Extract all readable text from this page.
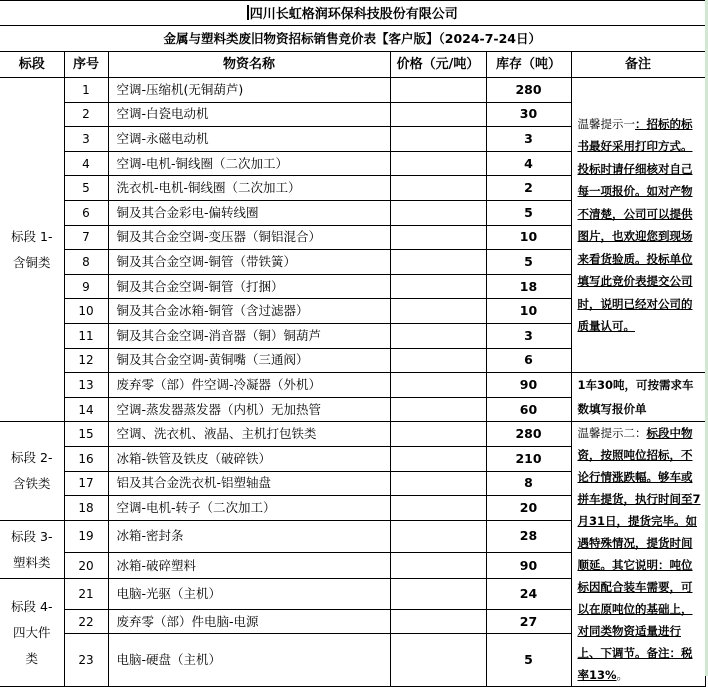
四川长虹格润环保科技股份有限公司					
金属与塑料类废旧物资招标销售竞价表【客户版】（2024-7-24日）					
标段	序号	物资名称	价格（元/吨）	库存（吨）	备注

标段 1-
含铜类	1	空调-压缩机(无铜葫芦)		280	温馨提示一：招标的标书最好采用打印方式。投标时请仔细核对自己每一项报价。如对产物不清楚，公司可以提供图片，也欢迎您到现场来看货验质。投标单位填写此竞价表提交公司时，说明已经对公司的质量认可。
	2	空调-白瓷电动机		30	
	3	空调-永磁电动机		3	
	4	空调-电机-铜线圈（二次加工）		4	
	5	洗衣机-电机-铜线圈（二次加工）		2	
	6	铜及其合金彩电-偏转线圈		5	
	7	铜及其合金空调-变压器（铜铝混合）		10	
	8	铜及其合金空调-铜管（带铁簧）		5	
	9	铜及其合金空调-铜管（打捆）		18	
	10	铜及其合金冰箱-铜管（含过滤器）		10	
	11	铜及其合金空调-消音器（铜）铜葫芦		3	
	12	铜及其合金空调-黄铜嘴（三通阀）		6	
	13	废弃零（部）件空调-冷凝器（外机）		90	1车30吨，可按需求车数填写报价单
	14	空调-蒸发器蒸发器（内机）无加热管		60	

标段 2-
含铁类	15	空调、洗衣机、液晶、主机打包铁类		280	温馨提示二：标段中物资，按照吨位招标，不论行情涨跌幅。够车或拼车提货，执行时间至7月31日，提货完毕。如遇特殊情况，提货时间顺延。其它说明：吨位标因配合装车需要，可以在原吨位的基础上，对同类物资适量进行上、下调节。备注：税率13%。
	16	冰箱-铁管及铁皮（破碎铁）		210	
	17	铝及其合金洗衣机-铝塑轴盘		8	
	18	空调-电机-转子（二次加工）		20	

标段 3-
塑料类	19	冰箱-密封条		28	
	20	冰箱-破碎塑料		90	

标段 4-
四大件
类	21	电脑-光驱（主机）		24	
	22	废弃零（部）件电脑-电源		27	
	23	电脑-硬盘（主机）		5	
